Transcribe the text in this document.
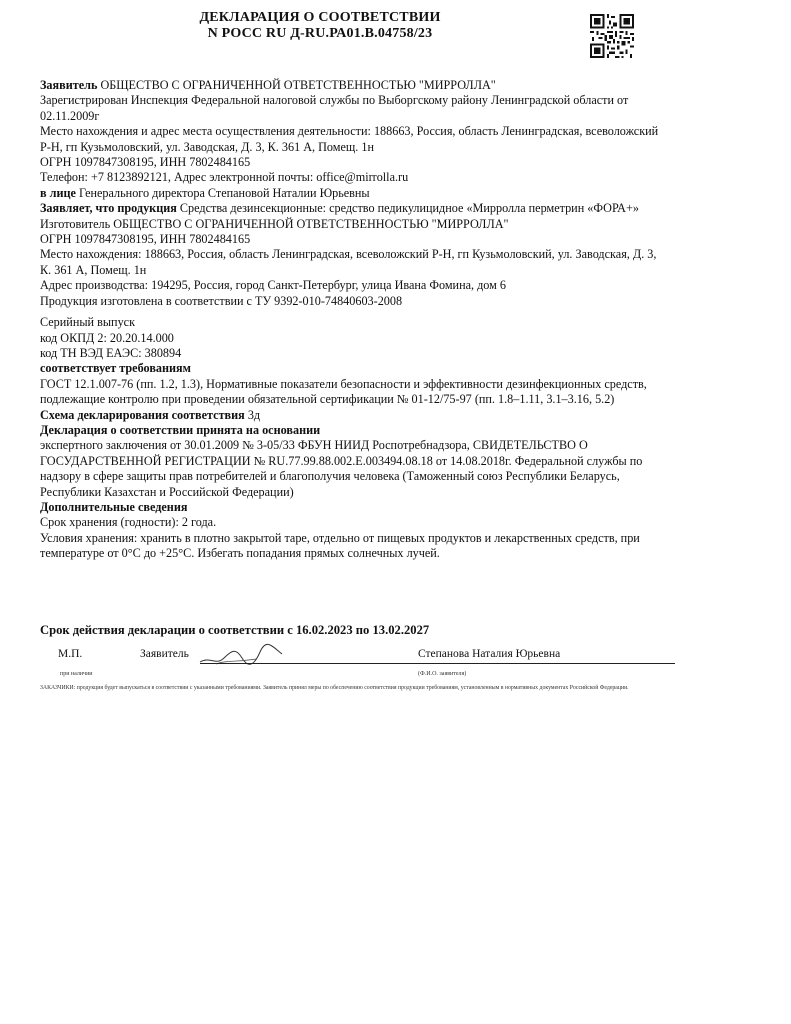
ДЕКЛАРАЦИЯ О СООТВЕТСТВИИ
N РОСС RU Д-RU.РА01.В.04758/23

Заявитель ОБЩЕСТВО С ОГРАНИЧЕННОЙ ОТВЕТСТВЕННОСТЬЮ "МИРРОЛЛА"

Зарегистрирован Инспекция Федеральной налоговой службы по Выборгскому району Ленинградской области от 02.11.2009г

Место нахождения и адрес места осуществления деятельности: 188663, Россия, область Ленинградская, всеволожский Р-Н, гп Кузьмоловский, ул. Заводская, Д. 3, К. 361 А, Помещ. 1н

ОГРН 1097847308195, ИНН 7802484165

Телефон: +7 8123892121, Адрес электронной почты: office@mirrolla.ru

в лице Генерального директора Степановой Наталии Юрьевны

Заявляет, что продукция Средства дезинсекционные: средство педикулицидное «Мирролла перметрин «ФОРА+»

Изготовитель ОБЩЕСТВО С ОГРАНИЧЕННОЙ ОТВЕТСТВЕННОСТЬЮ "МИРРОЛЛА"

ОГРН 1097847308195, ИНН 7802484165

Место нахождения: 188663, Россия, область Ленинградская, всеволожский Р-Н, гп Кузьмоловский, ул. Заводская, Д. 3, К. 361 А, Помещ. 1н

Адрес производства: 194295, Россия, город Санкт-Петербург, улица Ивана Фомина, дом 6

Продукция изготовлена в соответствии с ТУ 9392-010-74840603-2008

Серийный выпуск

код ОКПД 2: 20.20.14.000

код ТН ВЭД ЕАЭС: 380894

соответствует требованиям

ГОСТ 12.1.007-76 (пп. 1.2, 1.3), Нормативные показатели безопасности и эффективности дезинфекционных средств, подлежащие контролю при проведении обязательной сертификации № 01-12/75-97 (пп. 1.8–1.11, 3.1–3.16, 5.2)

Схема декларирования соответствия 3д

Декларация о соответствии принята на основании

экспертного заключения от 30.01.2009 № 3-05/33 ФБУН НИИД Роспотребнадзора, СВИДЕТЕЛЬСТВО О ГОСУДАРСТВЕННОЙ РЕГИСТРАЦИИ № RU.77.99.88.002.Е.003494.08.18 от 14.08.2018г. Федеральной службы по надзору в сфере защиты прав потребителей и благополучия человека (Таможенный союз Республики Беларусь, Республики Казахстан и Российской Федерации)

Дополнительные сведения

Срок хранения (годности): 2 года.

Условия хранения: хранить в плотно закрытой таре, отдельно от пищевых продуктов и лекарственных средств, при температуре от 0°С до +25°С. Избегать попадания прямых солнечных лучей.

Срок действия декларации о соответствии с 16.02.2023 по 13.02.2027
М.П.	Заявитель	Степанова Наталия Юрьевна
при наличии	(Ф.И.О. заявителя)
ЗАКАЗЧИКИ: продукция будет выпускаться в соответствии с указанными требованиями. Заявитель принял меры по обеспечению соответствия продукции требованиям, установленным в нормативных документах Российской Федерации.
